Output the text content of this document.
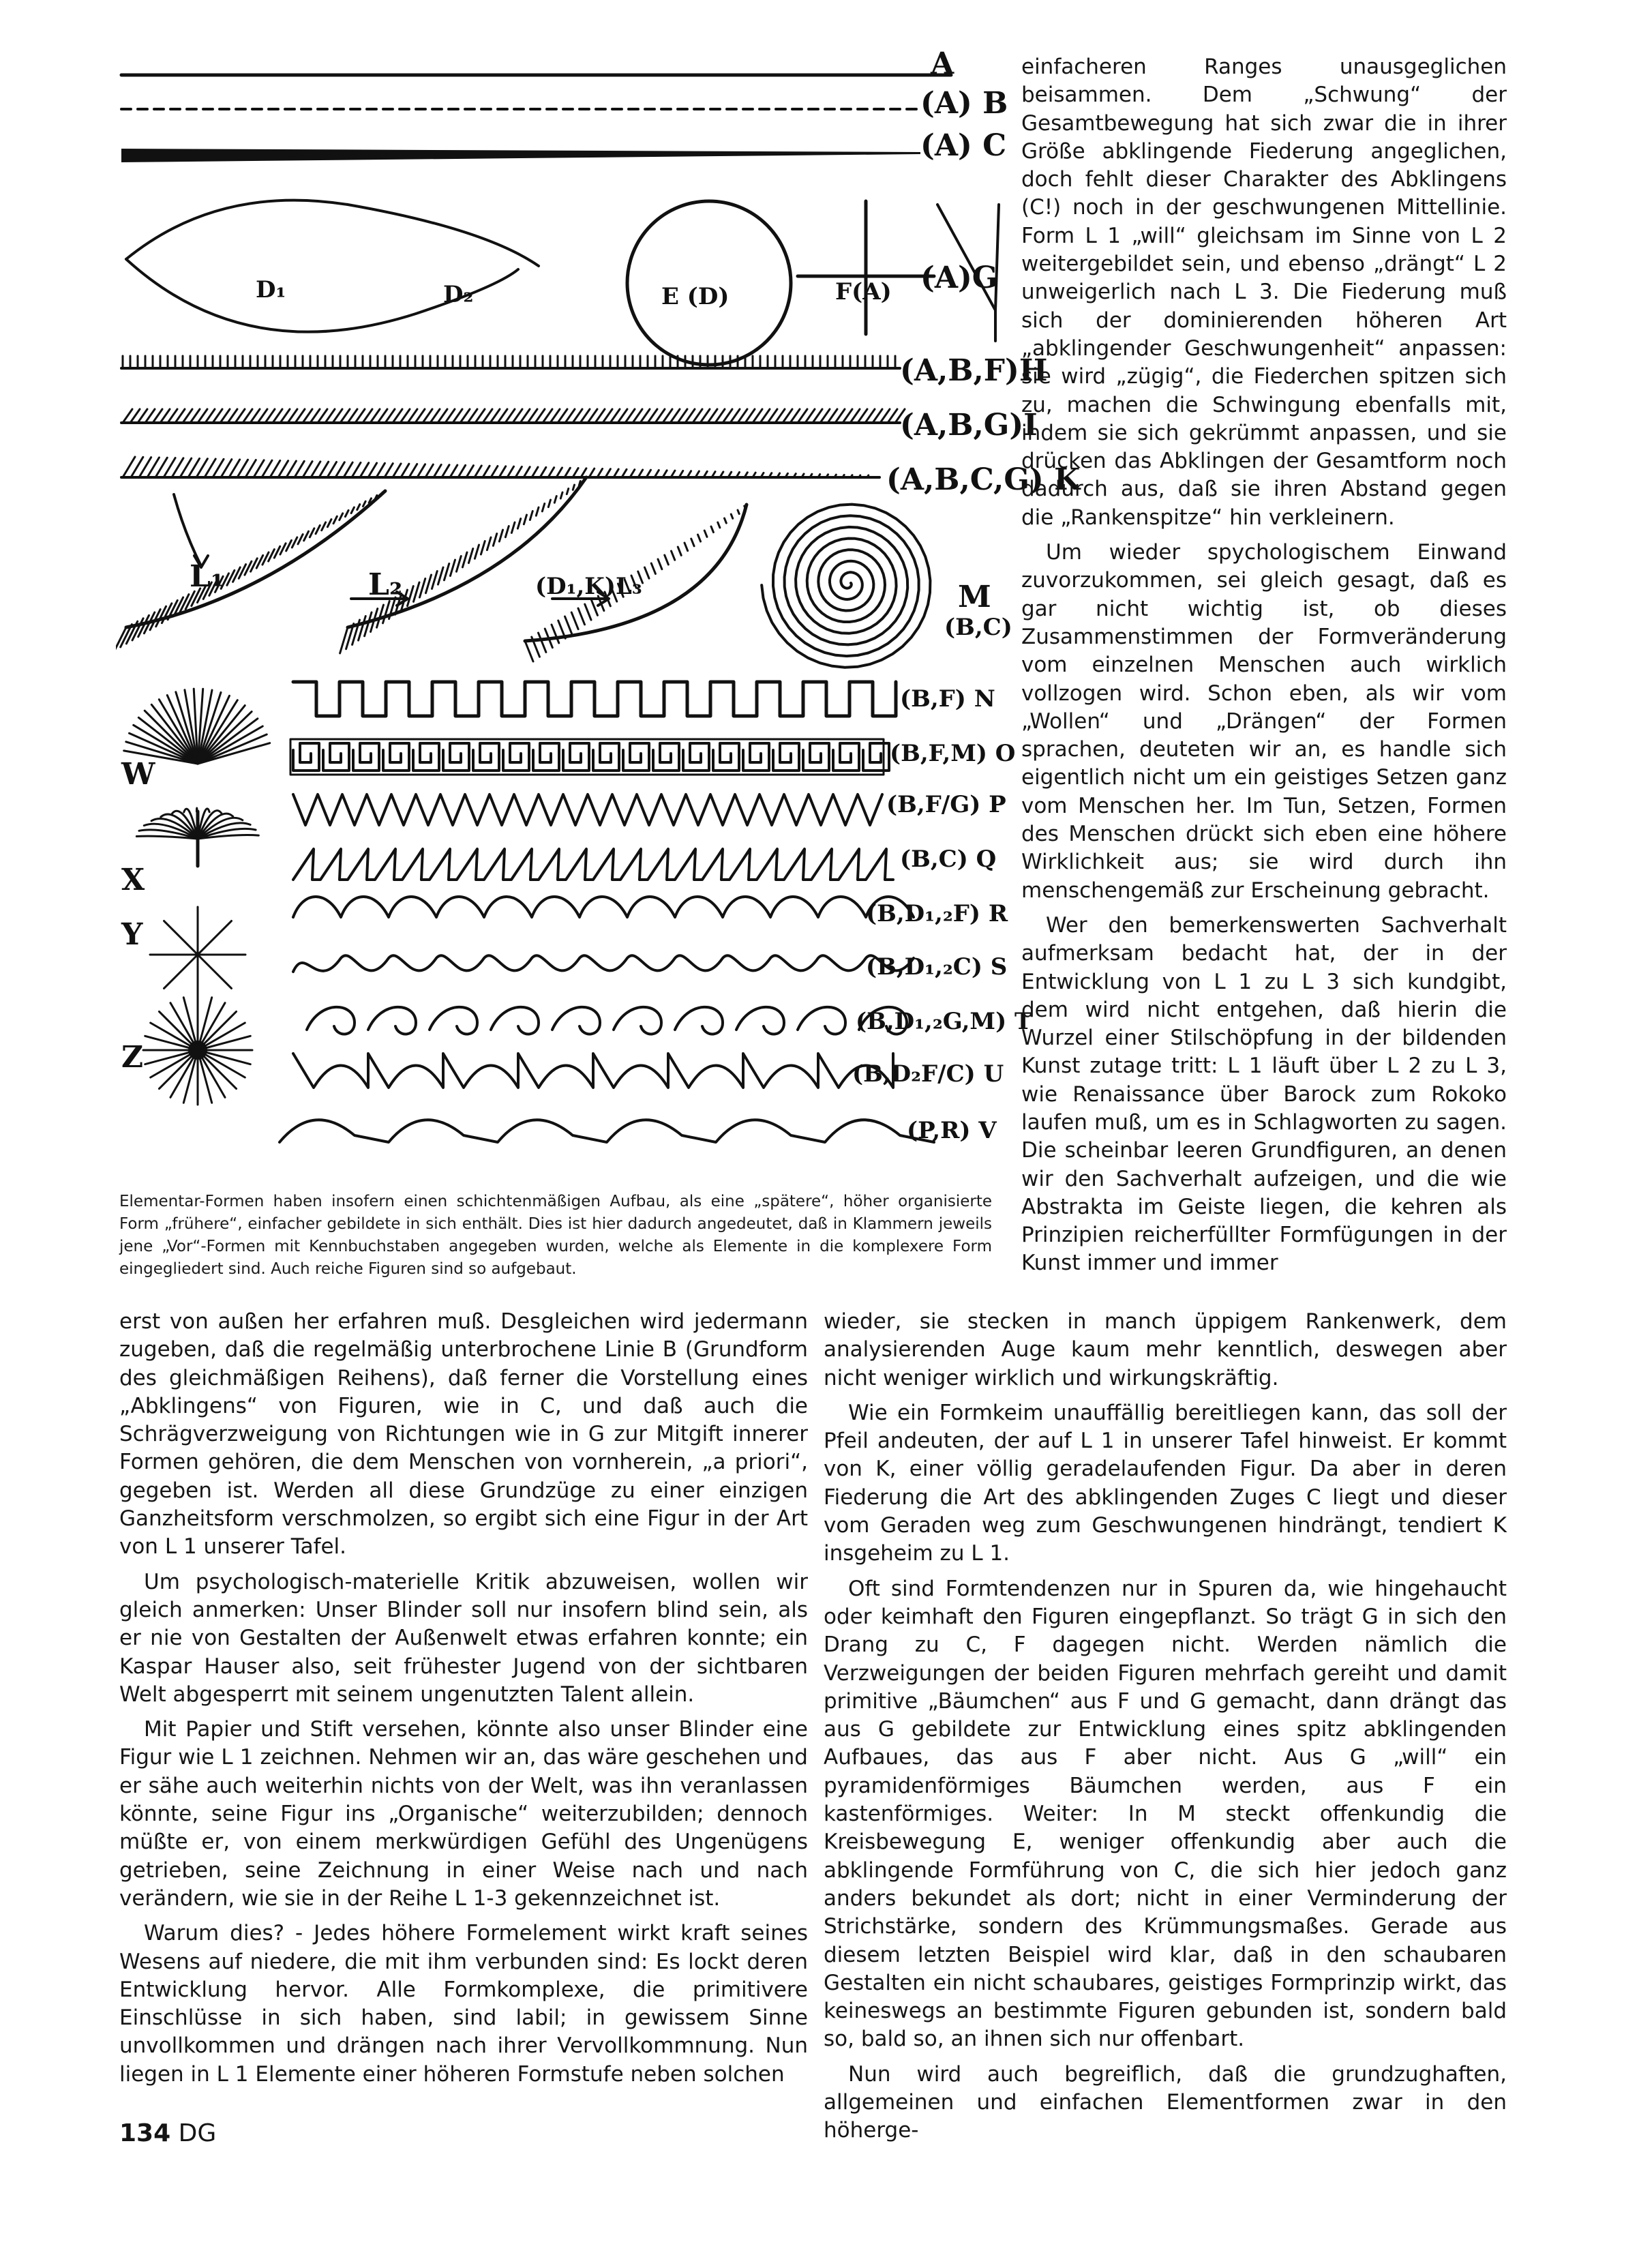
A
(A) B
(A) C
D₁	D₂	E (D)	F(A) (A)G
(A,B,F)H
(A,B,G)I
(A,B,C,G) K
L₁	L₂	(D₁,K)L₃	M
(B,C)
(B,F) N
(B,F,M) O
(B,F/G) P
(B,C) Q
(B,D₁,₂F) R
(B,D₁,₂C) S
(B,D₁,₂G,M) T
(B,D₂F/C) U
(P,R) V
W
X
Y
Z
Elementar-Formen haben insofern einen schichtenmäßigen Aufbau, als eine „spätere“, höher organisierte Form „frühere“, einfacher gebildete in sich enthält. Dies ist hier dadurch angedeutet, daß in Klammern jeweils jene „Vor“-Formen mit Kennbuchstaben angegeben wurden, welche als Elemente in die komplexere Form eingegliedert sind. Auch reiche Figuren sind so aufgebaut.

einfacheren Ranges unausgeglichen beisammen. Dem „Schwung“ der Gesamtbewegung hat sich zwar die in ihrer Größe abklingende Fiederung angeglichen, doch fehlt dieser Charakter des Abklingens (C!) noch in der geschwungenen Mittellinie. Form L 1 „will“ gleichsam im Sinne von L 2 weitergebildet sein, und ebenso „drängt“ L 2 unweigerlich nach L 3. Die Fiederung muß sich der dominierenden höheren Art „abklingender Geschwungenheit“ anpassen: sie wird „zügig“, die Fiederchen spitzen sich zu, machen die Schwingung ebenfalls mit, indem sie sich gekrümmt anpassen, und sie drücken das Abklingen der Gesamtform noch dadurch aus, daß sie ihren Abstand gegen die „Rankenspitze“ hin verkleinern.

Um wieder spychologischem Einwand zuvorzukommen, sei gleich gesagt, daß es gar nicht wichtig ist, ob dieses Zusammenstimmen der Formveränderung vom einzelnen Menschen auch wirklich vollzogen wird. Schon eben, als wir vom „Wollen“ und „Drängen“ der Formen sprachen, deuteten wir an, es handle sich eigentlich nicht um ein geistiges Setzen ganz vom Menschen her. Im Tun, Setzen, Formen des Menschen drückt sich eben eine höhere Wirklichkeit aus; sie wird durch ihn menschengemäß zur Erscheinung gebracht.

Wer den bemerkenswerten Sachverhalt aufmerksam bedacht hat, der in der Entwicklung von L 1 zu L 3 sich kundgibt, dem wird nicht entgehen, daß hierin die Wurzel einer Stilschöpfung in der bildenden Kunst zutage tritt: L 1 läuft über L 2 zu L 3, wie Renaissance über Barock zum Rokoko laufen muß, um es in Schlagworten zu sagen. Die scheinbar leeren Grundfiguren, an denen wir den Sachverhalt aufzeigen, und die wie Abstrakta im Geiste liegen, die kehren als Prinzipien reicherfüllter Formfügungen in der Kunst immer und immer

erst von außen her erfahren muß. Desgleichen wird jedermann zugeben, daß die regelmäßig unterbrochene Linie B (Grundform des gleichmäßigen Reihens), daß ferner die Vorstellung eines „Abklingens“ von Figuren, wie in C, und daß auch die Schrägverzweigung von Richtungen wie in G zur Mitgift innerer Formen gehören, die dem Menschen von vornherein, „a priori“, gegeben ist. Werden all diese Grundzüge zu einer einzigen Ganzheitsform verschmolzen, so ergibt sich eine Figur in der Art von L 1 unserer Tafel.

Um psychologisch-materielle Kritik abzuweisen, wollen wir gleich anmerken: Unser Blinder soll nur insofern blind sein, als er nie von Gestalten der Außenwelt etwas erfahren konnte; ein Kaspar Hauser also, seit frühester Jugend von der sichtbaren Welt abgesperrt mit seinem ungenutzten Talent allein.

Mit Papier und Stift versehen, könnte also unser Blinder eine Figur wie L 1 zeichnen. Nehmen wir an, das wäre geschehen und er sähe auch weiterhin nichts von der Welt, was ihn veranlassen könnte, seine Figur ins „Organische“ weiterzubilden; dennoch müßte er, von einem merkwürdigen Gefühl des Ungenügens getrieben, seine Zeichnung in einer Weise nach und nach verändern, wie sie in der Reihe L 1-3 gekennzeichnet ist.

Warum dies? - Jedes höhere Formelement wirkt kraft seines Wesens auf niedere, die mit ihm verbunden sind: Es lockt deren Entwicklung hervor. Alle Formkomplexe, die primitivere Einschlüsse in sich haben, sind labil; in gewissem Sinne unvollkommen und drängen nach ihrer Vervollkommnung. Nun liegen in L 1 Elemente einer höheren Formstufe neben solchen

wieder, sie stecken in manch üppigem Rankenwerk, dem analysierenden Auge kaum mehr kenntlich, deswegen aber nicht weniger wirklich und wirkungskräftig.

Wie ein Formkeim unauffällig bereitliegen kann, das soll der Pfeil andeuten, der auf L 1 in unserer Tafel hinweist. Er kommt von K, einer völlig geradelaufenden Figur. Da aber in deren Fiederung die Art des abklingenden Zuges C liegt und dieser vom Geraden weg zum Geschwungenen hindrängt, tendiert K insgeheim zu L 1.

Oft sind Formtendenzen nur in Spuren da, wie hingehaucht oder keimhaft den Figuren eingepflanzt. So trägt G in sich den Drang zu C, F dagegen nicht. Werden nämlich die Verzweigungen der beiden Figuren mehrfach gereiht und damit primitive „Bäumchen“ aus F und G gemacht, dann drängt das aus G gebildete zur Entwicklung eines spitz abklingenden Aufbaues, das aus F aber nicht. Aus G „will“ ein pyramidenförmiges Bäumchen werden, aus F ein kastenförmiges. Weiter: In M steckt offenkundig die Kreisbewegung E, weniger offenkundig aber auch die abklingende Formführung von C, die sich hier jedoch ganz anders bekundet als dort; nicht in einer Verminderung der Strichstärke, sondern des Krümmungsmaßes. Gerade aus diesem letzten Beispiel wird klar, daß in den schaubaren Gestalten ein nicht schaubares, geistiges Formprinzip wirkt, das keineswegs an bestimmte Figuren gebunden ist, sondern bald so, bald so, an ihnen sich nur offenbart.

Nun wird auch begreiflich, daß die grundzughaften, allgemeinen und einfachen Elementformen zwar in den höherge-

134 DG
